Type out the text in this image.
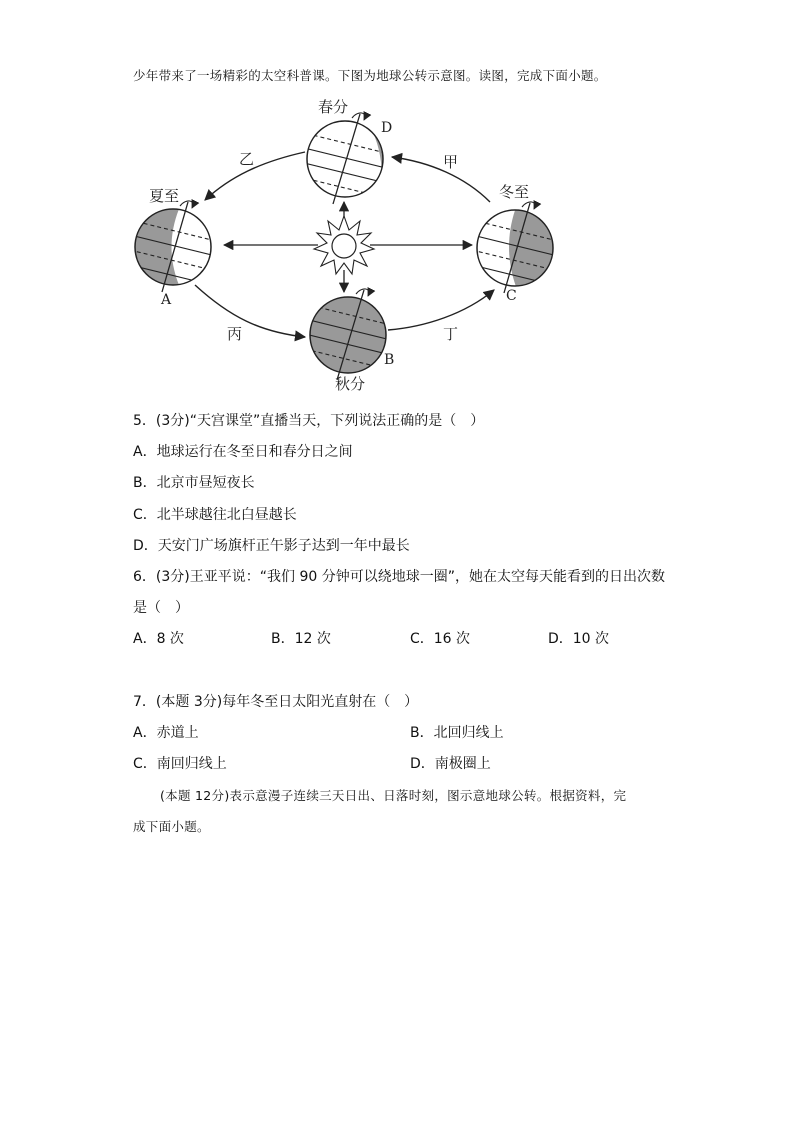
少年带来了一场精彩的太空科普课。下图为地球公转示意图。读图，完成下面小题。
春分
D
乙	甲
夏至	冬至
A	C
丙	丁
B
秋分
5．(3分)“天宫课堂”直播当天，下列说法正确的是（　）
A．地球运行在冬至日和春分日之间
B．北京市昼短夜长
C．北半球越往北白昼越长
D．天安门广场旗杆正午影子达到一年中最长
6．(3分)王亚平说：“我们 90 分钟可以绕地球一圈”，她在太空每天能看到的日出次数
是（　）
A．8 次	B．12 次	C．16 次	D．10 次
7．(本题 3分)每年冬至日太阳光直射在（　）
A．赤道上	B．北回归线上
C．南回归线上	D．南极圈上
(本题 12分)表示意漫子连续三天日出、日落时刻，图示意地球公转。根据资料，完
成下面小题。
